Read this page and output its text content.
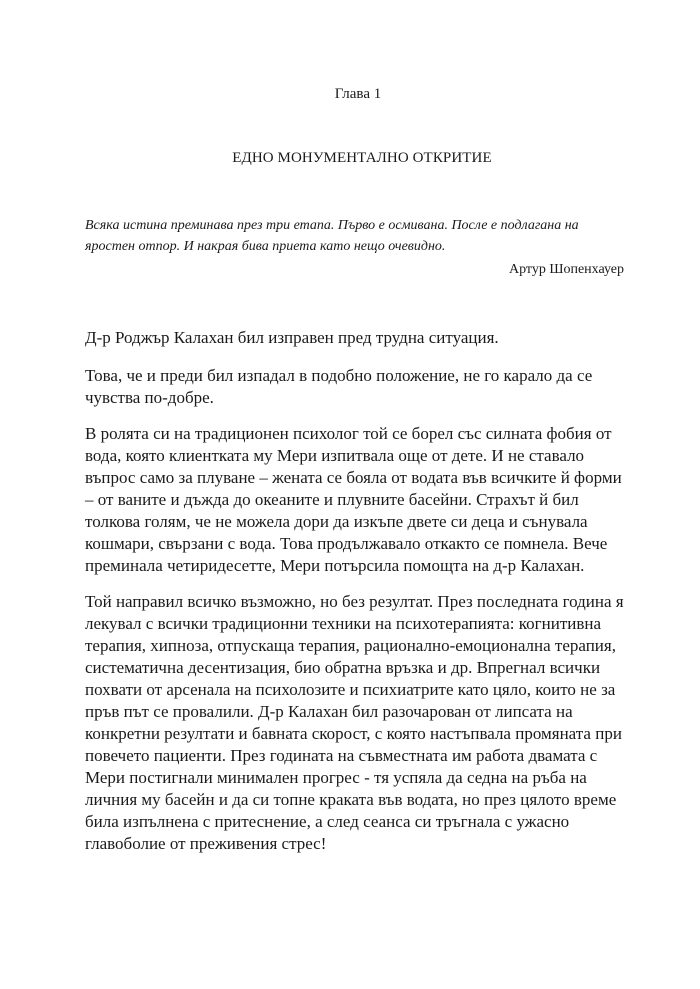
Глава 1
ЕДНО МОНУМЕНТАЛНО ОТКРИТИЕ
Всяка истина преминава през три етапа. Първо е осмивана. После е подлагана на яростен отпор. И накрая бива приета като нещо очевидно.
Артур Шопенхауер

Д-р Роджър Калахан бил изправен пред трудна ситуация.

Това, че и преди бил изпадал в подобно положение, не го карало да се чувства по-добре.

В ролята си на традиционен психолог той се борел със силната фобия от вода, която клиентката му Мери изпитвала още от дете. И не ставало въпрос само за плуване – жената се бояла от водата във всичките й форми – от ваните и дъжда до океаните и плувните басейни. Страхът й бил толкова голям, че не можела дори да изкъпе двете си деца и сънувала кошмари, свързани с вода. Това продължавало откакто се помнела. Вече преминала четиридесетте, Мери потърсила помощта на д-р Калахан.

Той направил всичко възможно, но без резултат. През последната година я лекувал с всички традиционни техники на психотерапията: когнитивна терапия, хипноза, отпускаща терапия, рационално-емоционална терапия, систематична десентизация, био обратна връзка и др. Впрегнал всички похвати от арсенала на психолозите и психиатрите като цяло, които не за пръв път се провалили. Д-р Калахан бил разочарован от липсата на конкретни резултати и бавната скорост, с която настъпвала промяната при повечето пациенти. През годината на съвместната им работа двамата с Мери постигнали минимален прогрес - тя успяла да седна на ръба на личния му басейн и да си топне краката във водата, но през цялото време била изпълнена с притеснение, а след сеанса си тръгнала с ужасно главоболие от преживения стрес!
